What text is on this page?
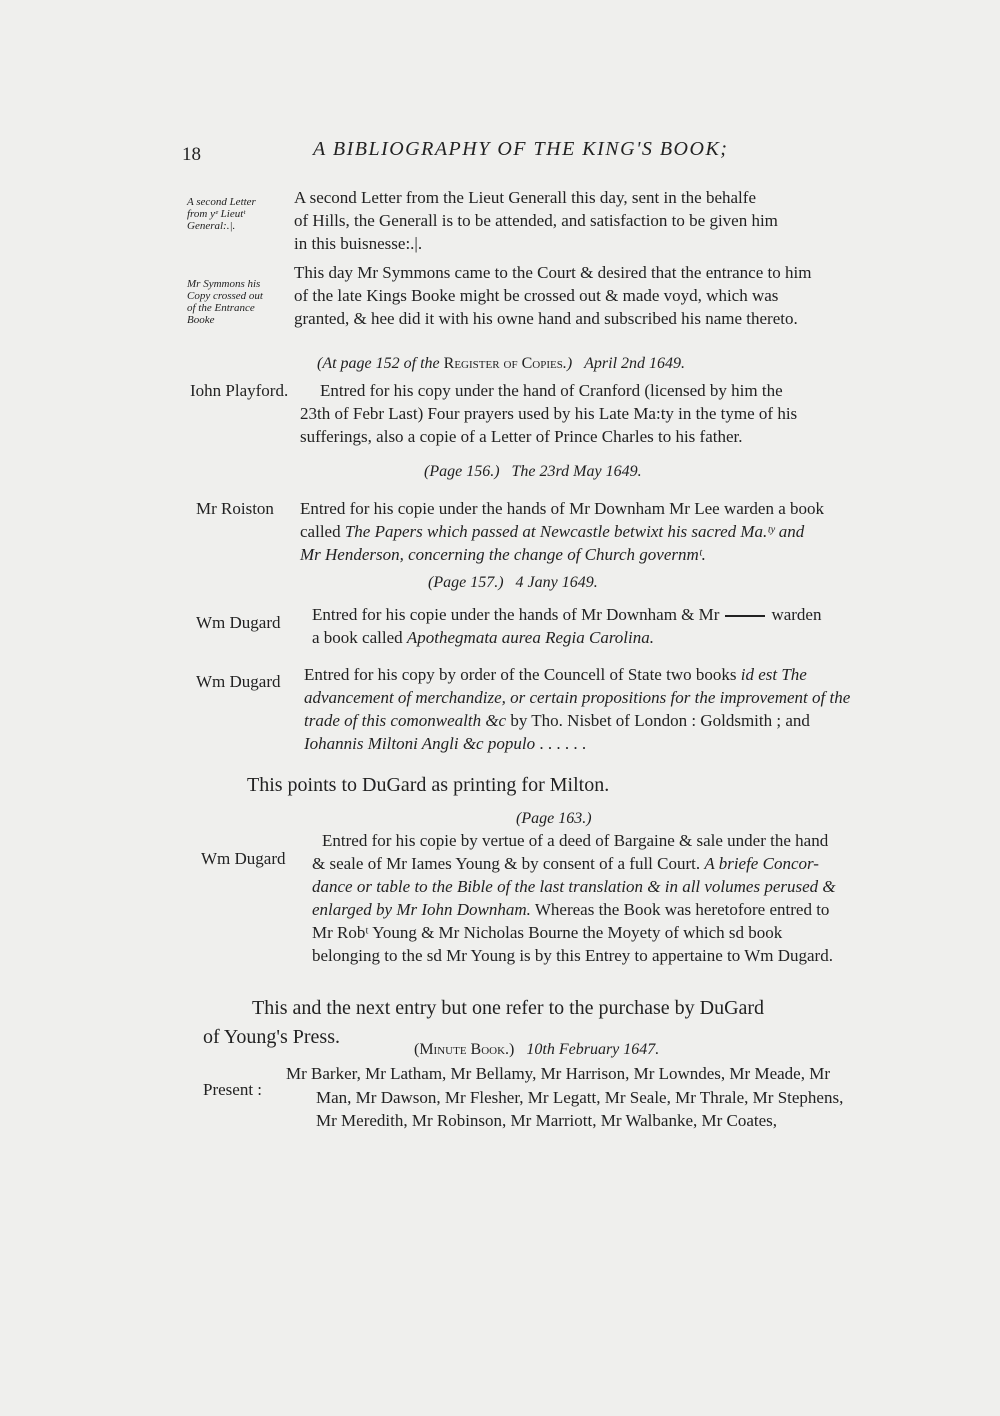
18	A BIBLIOGRAPHY OF THE KING'S BOOK;
A second Letter
from yᵉ Lieutᵗ
General:.|.
A second Letter from the Lieut Generall this day, sent in the behalfe
of Hills, the Generall is to be attended, and satisfaction to be given him
in this buisnesse:.|.
Mr Symmons his
Copy crossed out
of the Entrance
Booke
This day Mr Symmons came to the Court & desired that the entrance to him
of the late Kings Booke might be crossed out & made voyd, which was
granted, & hee did it with his owne hand and subscribed his name thereto.
(At page 152 of the Register of Copies.) April 2nd 1649.
Iohn Playford. Entred for his copy under the hand of Cranford (licensed by him the
23th of Febr Last) Four prayers used by his Late Ma:ty in the tyme of his
sufferings, also a copie of a Letter of Prince Charles to his father.
(Page 156.) The 23rd May 1649.
Mr Roiston Entred for his copie under the hands of Mr Downham Mr Lee warden a book
called The Papers which passed at Newcastle betwixt his sacred Ma.ᵗʸ and
Mr Henderson, concerning the change of Church governmᵗ.
(Page 157.) 4 Jany 1649.
Wm Dugard Entred for his copie under the hands of Mr Downham & Mr	warden
a book called Apothegmata aurea Regia Carolina.
Wm Dugard Entred for his copy by order of the Councell of State two books id est The
advancement of merchandize, or certain propositions for the improvement of the
trade of this comonwealth &c by Tho. Nisbet of London : Goldsmith ; and
Iohannis Miltoni Angli &c populo . . . . . .
This points to DuGard as printing for Milton.
(Page 163.)
Wm Dugard
Entred for his copie by vertue of a deed of Bargaine & sale under the hand
& seale of Mr Iames Young & by consent of a full Court. A briefe Concor-
dance or table to the Bible of the last translation & in all volumes perused &
enlarged by Mr Iohn Downham. Whereas the Book was heretofore entred to
Mr Robᵗ Young & Mr Nicholas Bourne the Moyety of which sd book
belonging to the sd Mr Young is by this Entrey to appertaine to Wm Dugard.
This and the next entry but one refer to the purchase by DuGard
of Young's Press.
(Minute Book.) 10th February 1647.
Present :
Mr Barker, Mr Latham, Mr Bellamy, Mr Harrison, Mr Lowndes, Mr Meade, Mr
Man, Mr Dawson, Mr Flesher, Mr Legatt, Mr Seale, Mr Thrale, Mr Stephens,
Mr Meredith, Mr Robinson, Mr Marriott, Mr Walbanke, Mr Coates,
